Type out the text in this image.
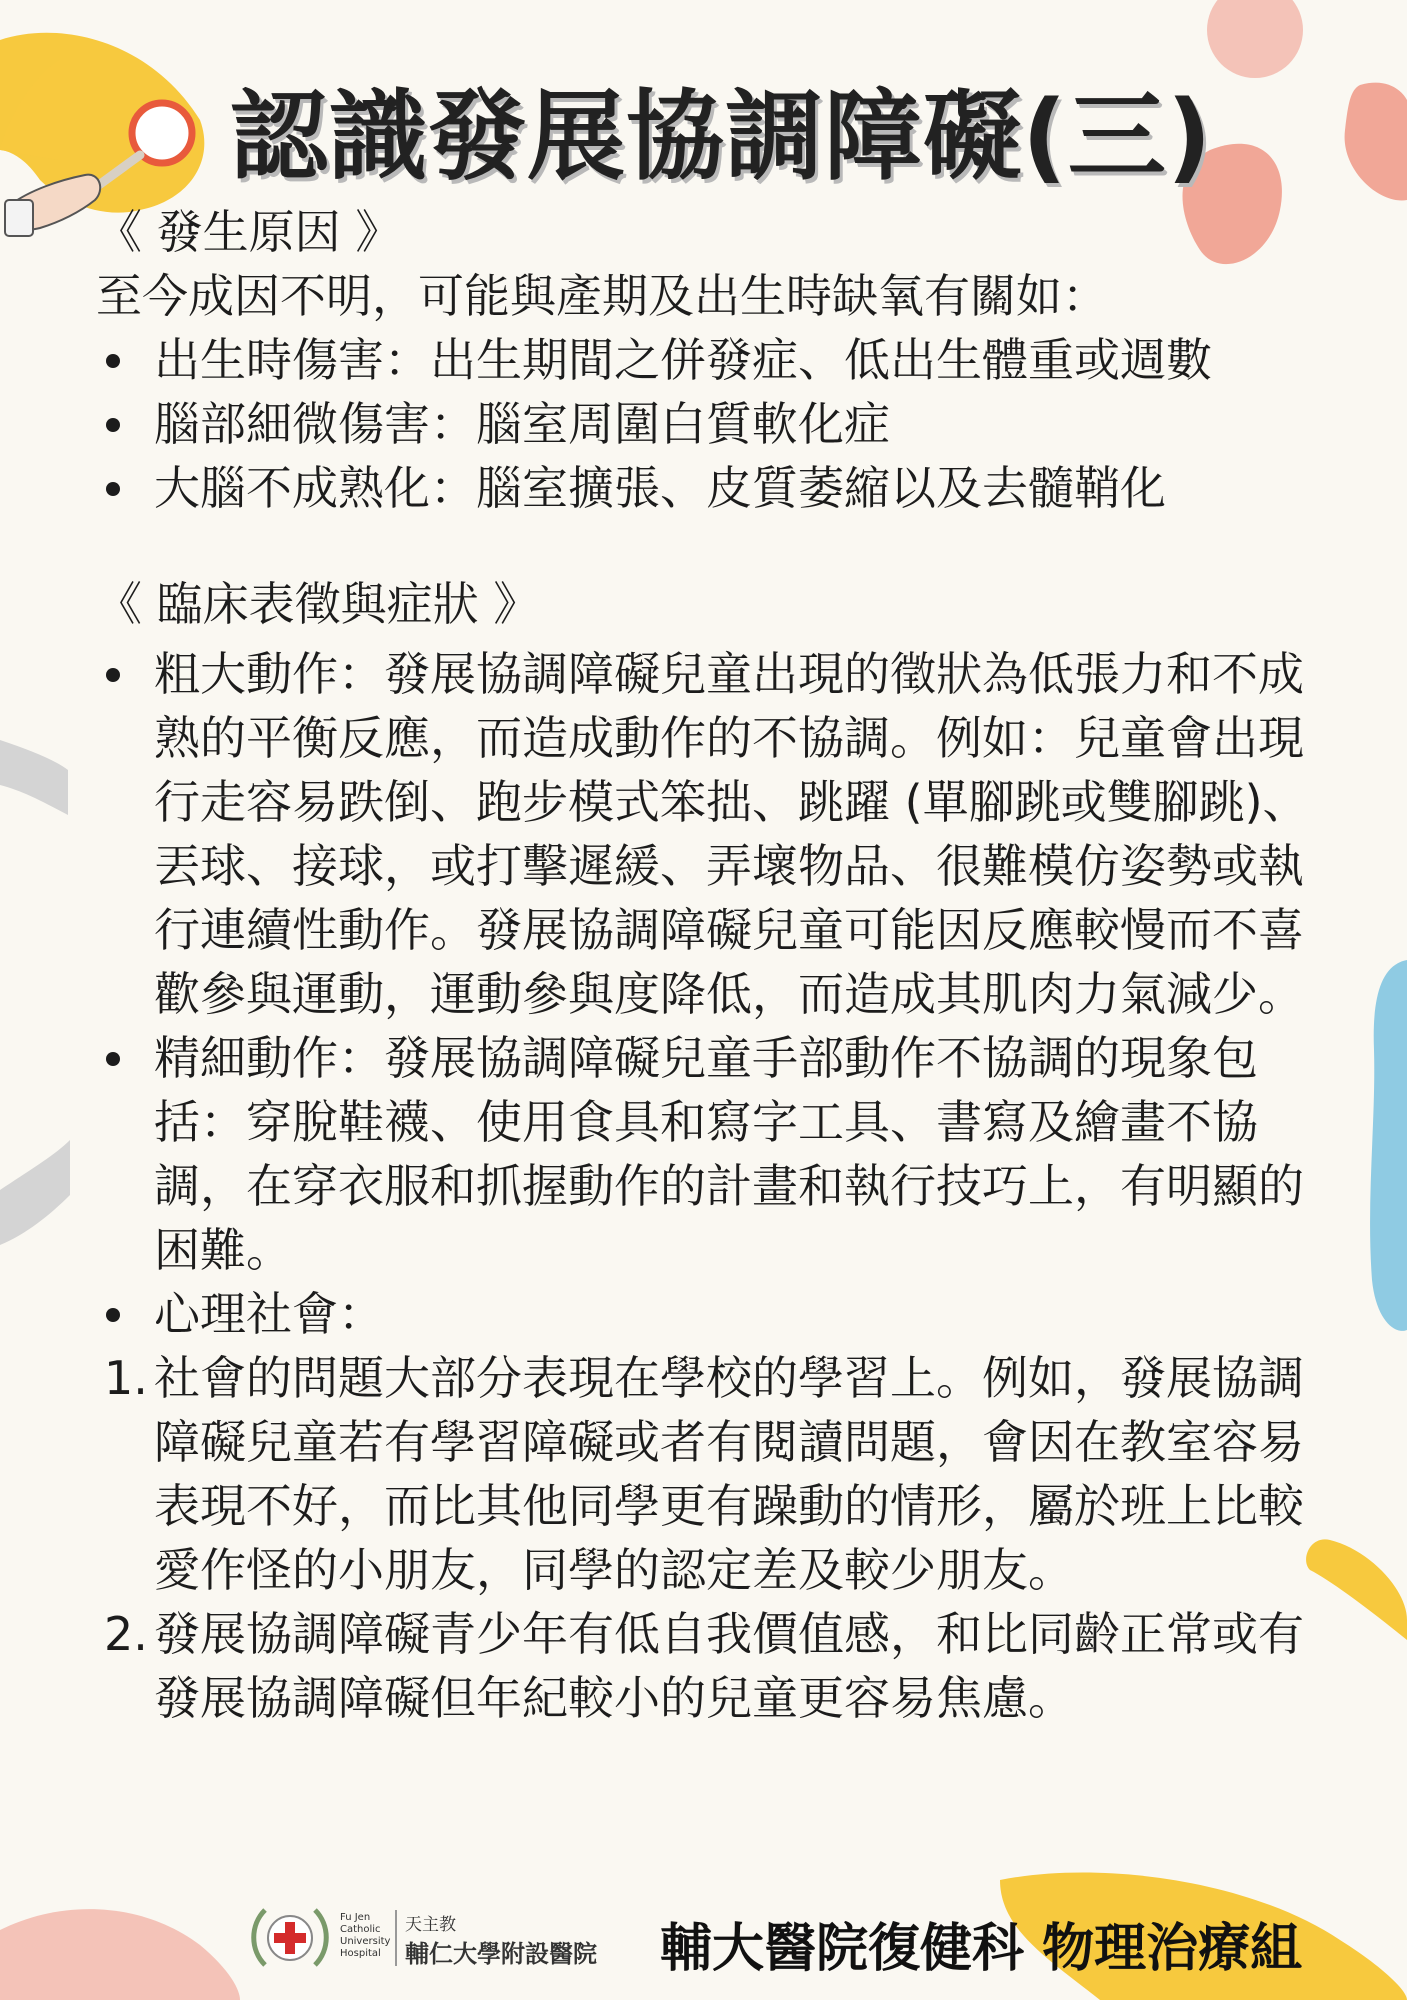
認識發展協調障礙(三)

《 發生原因 》

至今成因不明，可能與產期及出生時缺氧有關如：

出生時傷害：出生期間之併發症、低出生體重或週數
腦部細微傷害：腦室周圍白質軟化症
大腦不成熟化：腦室擴張、皮質萎縮以及去髓鞘化

《 臨床表徵與症狀 》

粗大動作：發展協調障礙兒童出現的徵狀為低張力和不成熟的平衡反應，而造成動作的不協調。例如：兒童會出現行走容易跌倒、跑步模式笨拙、跳躍 (單腳跳或雙腳跳)、丟球、接球，或打擊遲緩、弄壞物品、很難模仿姿勢或執行連續性動作。發展協調障礙兒童可能因反應較慢而不喜歡參與運動，運動參與度降低，而造成其肌肉力氣減少。
精細動作：發展協調障礙兒童手部動作不協調的現象包括：穿脫鞋襪、使用食具和寫字工具、書寫及繪畫不協調，在穿衣服和抓握動作的計畫和執行技巧上，有明顯的困難。
心理社會：
1. 社會的問題大部分表現在學校的學習上。例如，發展協調障礙兒童若有學習障礙或者有閱讀問題，會因在教室容易表現不好，而比其他同學更有躁動的情形，屬於班上比較愛作怪的小朋友，同學的認定差及較少朋友。
2. 發展協調障礙青少年有低自我價值感，和比同齡正常或有發展協調障礙但年紀較小的兒童更容易焦慮。
Fu Jen Catholic University Hospital
天主教
輔仁大學附設醫院 輔大醫院復健科 物理治療組
